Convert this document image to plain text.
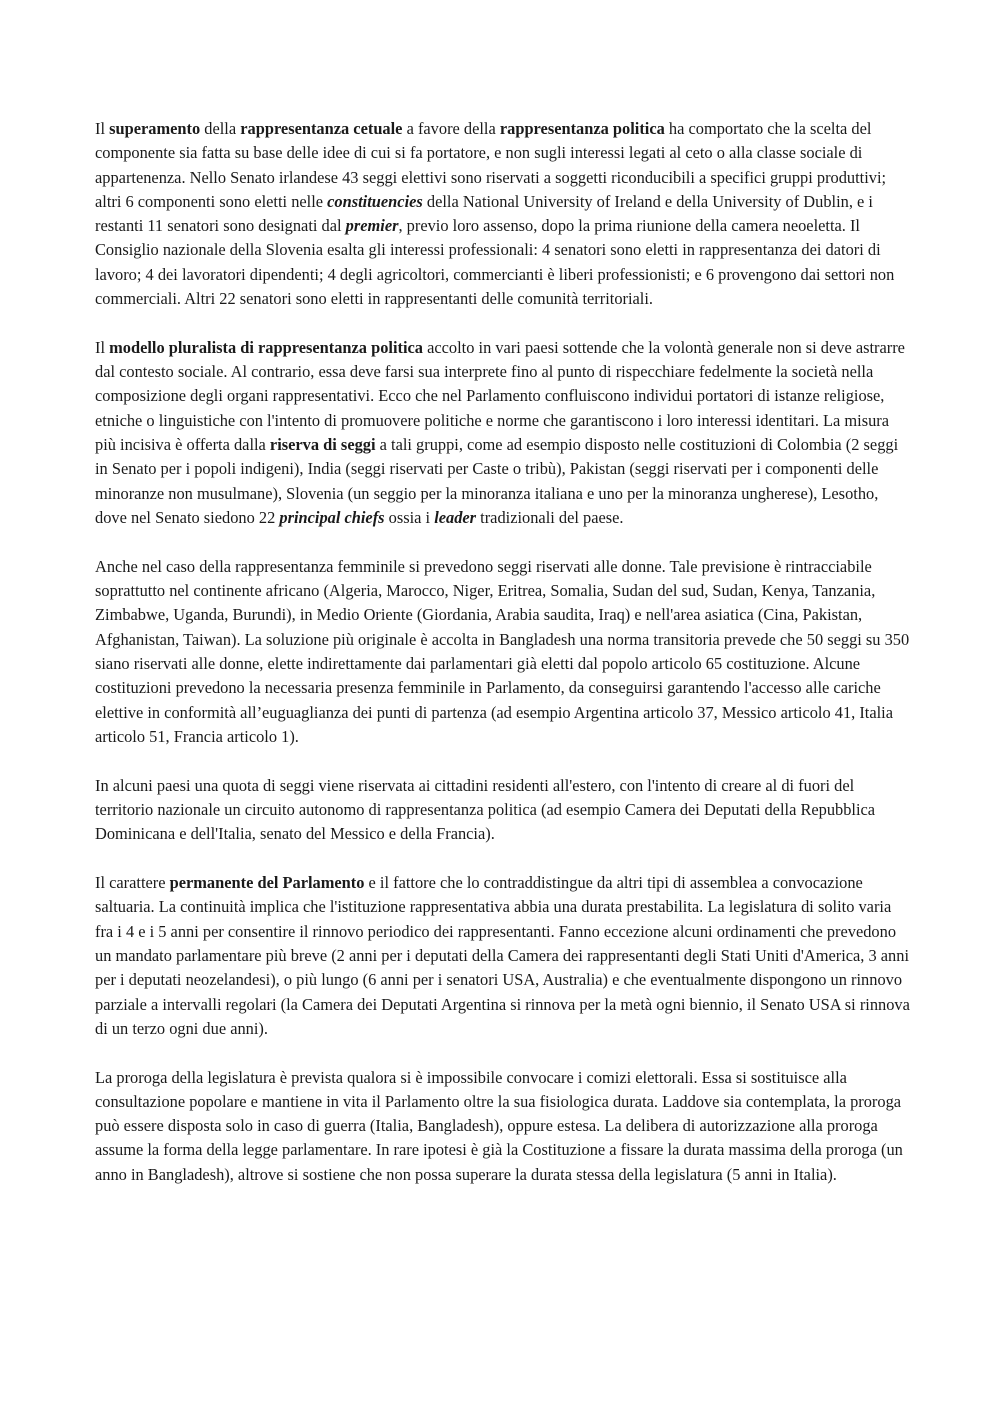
Il superamento della rappresentanza cetuale a favore della rappresentanza politica ha comportato che la scelta del componente sia fatta su base delle idee di cui si fa portatore, e non sugli interessi legati al ceto o alla classe sociale di appartenenza. Nello Senato irlandese 43 seggi elettivi sono riservati a soggetti riconducibili a specifici gruppi produttivi; altri 6 componenti sono eletti nelle constituencies della National University of Ireland e della University of Dublin, e i restanti 11 senatori sono designati dal premier, previo loro assenso, dopo la prima riunione della camera neoeletta. Il Consiglio nazionale della Slovenia esalta gli interessi professionali: 4 senatori sono eletti in rappresentanza dei datori di lavoro; 4 dei lavoratori dipendenti; 4 degli agricoltori, commercianti è liberi professionisti; e 6 provengono dai settori non commerciali. Altri 22 senatori sono eletti in rappresentanti delle comunità territoriali.

Il modello pluralista di rappresentanza politica accolto in vari paesi sottende che la volontà generale non si deve astrarre dal contesto sociale. Al contrario, essa deve farsi sua interprete fino al punto di rispecchiare fedelmente la società nella composizione degli organi rappresentativi. Ecco che nel Parlamento confluiscono individui portatori di istanze religiose, etniche o linguistiche con l'intento di promuovere politiche e norme che garantiscono i loro interessi identitari. La misura più incisiva è offerta dalla riserva di seggi a tali gruppi, come ad esempio disposto nelle costituzioni di Colombia (2 seggi in Senato per i popoli indigeni), India (seggi riservati per Caste o tribù), Pakistan (seggi riservati per i componenti delle minoranze non musulmane), Slovenia (un seggio per la minoranza italiana e uno per la minoranza ungherese), Lesotho, dove nel Senato siedono 22 principal chiefs ossia i leader tradizionali del paese.

Anche nel caso della rappresentanza femminile si prevedono seggi riservati alle donne. Tale previsione è rintracciabile soprattutto nel continente africano (Algeria, Marocco, Niger, Eritrea, Somalia, Sudan del sud, Sudan, Kenya, Tanzania, Zimbabwe, Uganda, Burundi), in Medio Oriente (Giordania, Arabia saudita, Iraq) e nell'area asiatica (Cina, Pakistan, Afghanistan, Taiwan). La soluzione più originale è accolta in Bangladesh una norma transitoria prevede che 50 seggi su 350 siano riservati alle donne, elette indirettamente dai parlamentari già eletti dal popolo articolo 65 costituzione. Alcune costituzioni prevedono la necessaria presenza femminile in Parlamento, da conseguirsi garantendo l'accesso alle cariche elettive in conformità all’euguaglianza dei punti di partenza (ad esempio Argentina articolo 37, Messico articolo 41, Italia articolo 51, Francia articolo 1).

In alcuni paesi una quota di seggi viene riservata ai cittadini residenti all'estero, con l'intento di creare al di fuori del territorio nazionale un circuito autonomo di rappresentanza politica (ad esempio Camera dei Deputati della Repubblica Dominicana e dell'Italia, senato del Messico e della Francia).

Il carattere permanente del Parlamento e il fattore che lo contraddistingue da altri tipi di assemblea a convocazione saltuaria. La continuità implica che l'istituzione rappresentativa abbia una durata prestabilita. La legislatura di solito varia fra i 4 e i 5 anni per consentire il rinnovo periodico dei rappresentanti. Fanno eccezione alcuni ordinamenti che prevedono un mandato parlamentare più breve (2 anni per i deputati della Camera dei rappresentanti degli Stati Uniti d'America, 3 anni per i deputati neozelandesi), o più lungo (6 anni per i senatori USA, Australia) e che eventualmente dispongono un rinnovo parziale a intervalli regolari (la Camera dei Deputati Argentina si rinnova per la metà ogni biennio, il Senato USA si rinnova di un terzo ogni due anni).

La proroga della legislatura è prevista qualora si è impossibile convocare i comizi elettorali. Essa si sostituisce alla consultazione popolare e mantiene in vita il Parlamento oltre la sua fisiologica durata. Laddove sia contemplata, la proroga può essere disposta solo in caso di guerra (Italia, Bangladesh), oppure estesa. La delibera di autorizzazione alla proroga assume la forma della legge parlamentare. In rare ipotesi è già la Costituzione a fissare la durata massima della proroga (un anno in Bangladesh), altrove si sostiene che non possa superare la durata stessa della legislatura (5 anni in Italia).
